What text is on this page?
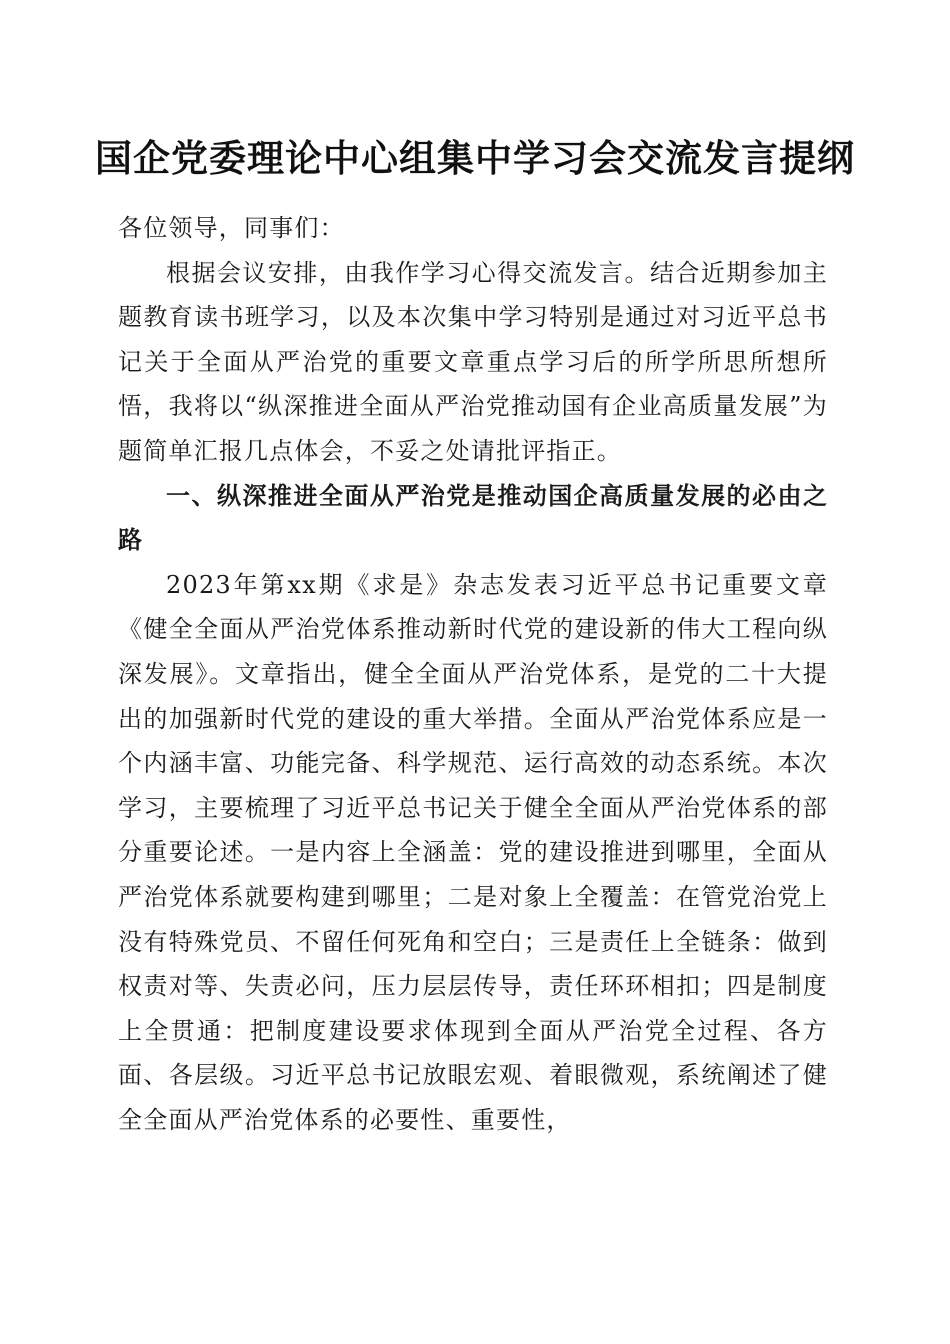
国企党委理论中心组集中学习会交流发言提纲

各位领导，同事们：

根据会议安排，由我作学习心得交流发言。结合近期参加主题教育读书班学习，以及本次集中学习特别是通过对习近平总书记关于全面从严治党的重要文章重点学习后的所学所思所想所悟，我将以“纵深推进全面从严治党推动国有企业高质量发展”为题简单汇报几点体会，不妥之处请批评指正。

一、纵深推进全面从严治党是推动国企高质量发展的必由之路

2023年第xx期《求是》杂志发表习近平总书记重要文章《健全全面从严治党体系推动新时代党的建设新的伟大工程向纵深发展》。文章指出，健全全面从严治党体系，是党的二十大提出的加强新时代党的建设的重大举措。全面从严治党体系应是一个内涵丰富、功能完备、科学规范、运行高效的动态系统。本次学习，主要梳理了习近平总书记关于健全全面从严治党体系的部分重要论述。一是内容上全涵盖：党的建设推进到哪里，全面从严治党体系就要构建到哪里；二是对象上全覆盖：在管党治党上没有特殊党员、不留任何死角和空白；三是责任上全链条：做到权责对等、失责必问，压力层层传导，责任环环相扣；四是制度上全贯通：把制度建设要求体现到全面从严治党全过程、各方面、各层级。习近平总书记放眼宏观、着眼微观，系统阐述了健全全面从严治党体系的必要性、重要性，
